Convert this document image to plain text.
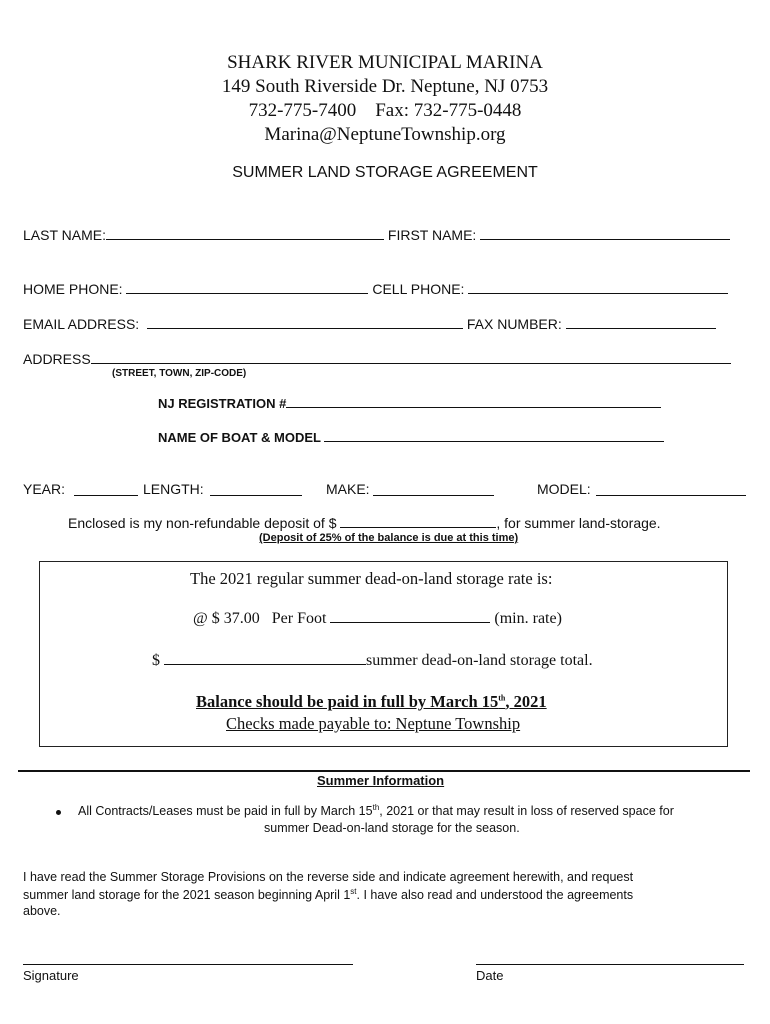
SHARK RIVER MUNICIPAL MARINA
149 South Riverside Dr. Neptune, NJ 0753
732-775-7400 Fax: 732-775-0448
Marina@NeptuneTownship.org
SUMMER LAND STORAGE AGREEMENT
LAST NAME:	FIRST NAME:
HOME PHONE:	CELL PHONE:
EMAIL ADDRESS:	FAX NUMBER:
ADDRESS
(STREET, TOWN, ZIP-CODE)
NJ REGISTRATION #
NAME OF BOAT & MODEL
YEAR:	LENGTH:	MAKE:	MODEL:
Enclosed is my non-refundable deposit of $	, for summer land-storage.
(Deposit of 25% of the balance is due at this time)
The 2021 regular summer dead-on-land storage rate is:
@ $ 37.00 Per Foot	(min. rate)
$	summer dead-on-land storage total.
Balance should be paid in full by March 15th, 2021
Checks made payable to: Neptune Township
Summer Information
All Contracts/Leases must be paid in full by March 15th, 2021 or that may result in loss of reserved space for
summer Dead-on-land storage for the season.
I have read the Summer Storage Provisions on the reverse side and indicate agreement herewith, and request
summer land storage for the 2021 season beginning April 1st. I have also read and understood the agreements
above.
Signature	Date
